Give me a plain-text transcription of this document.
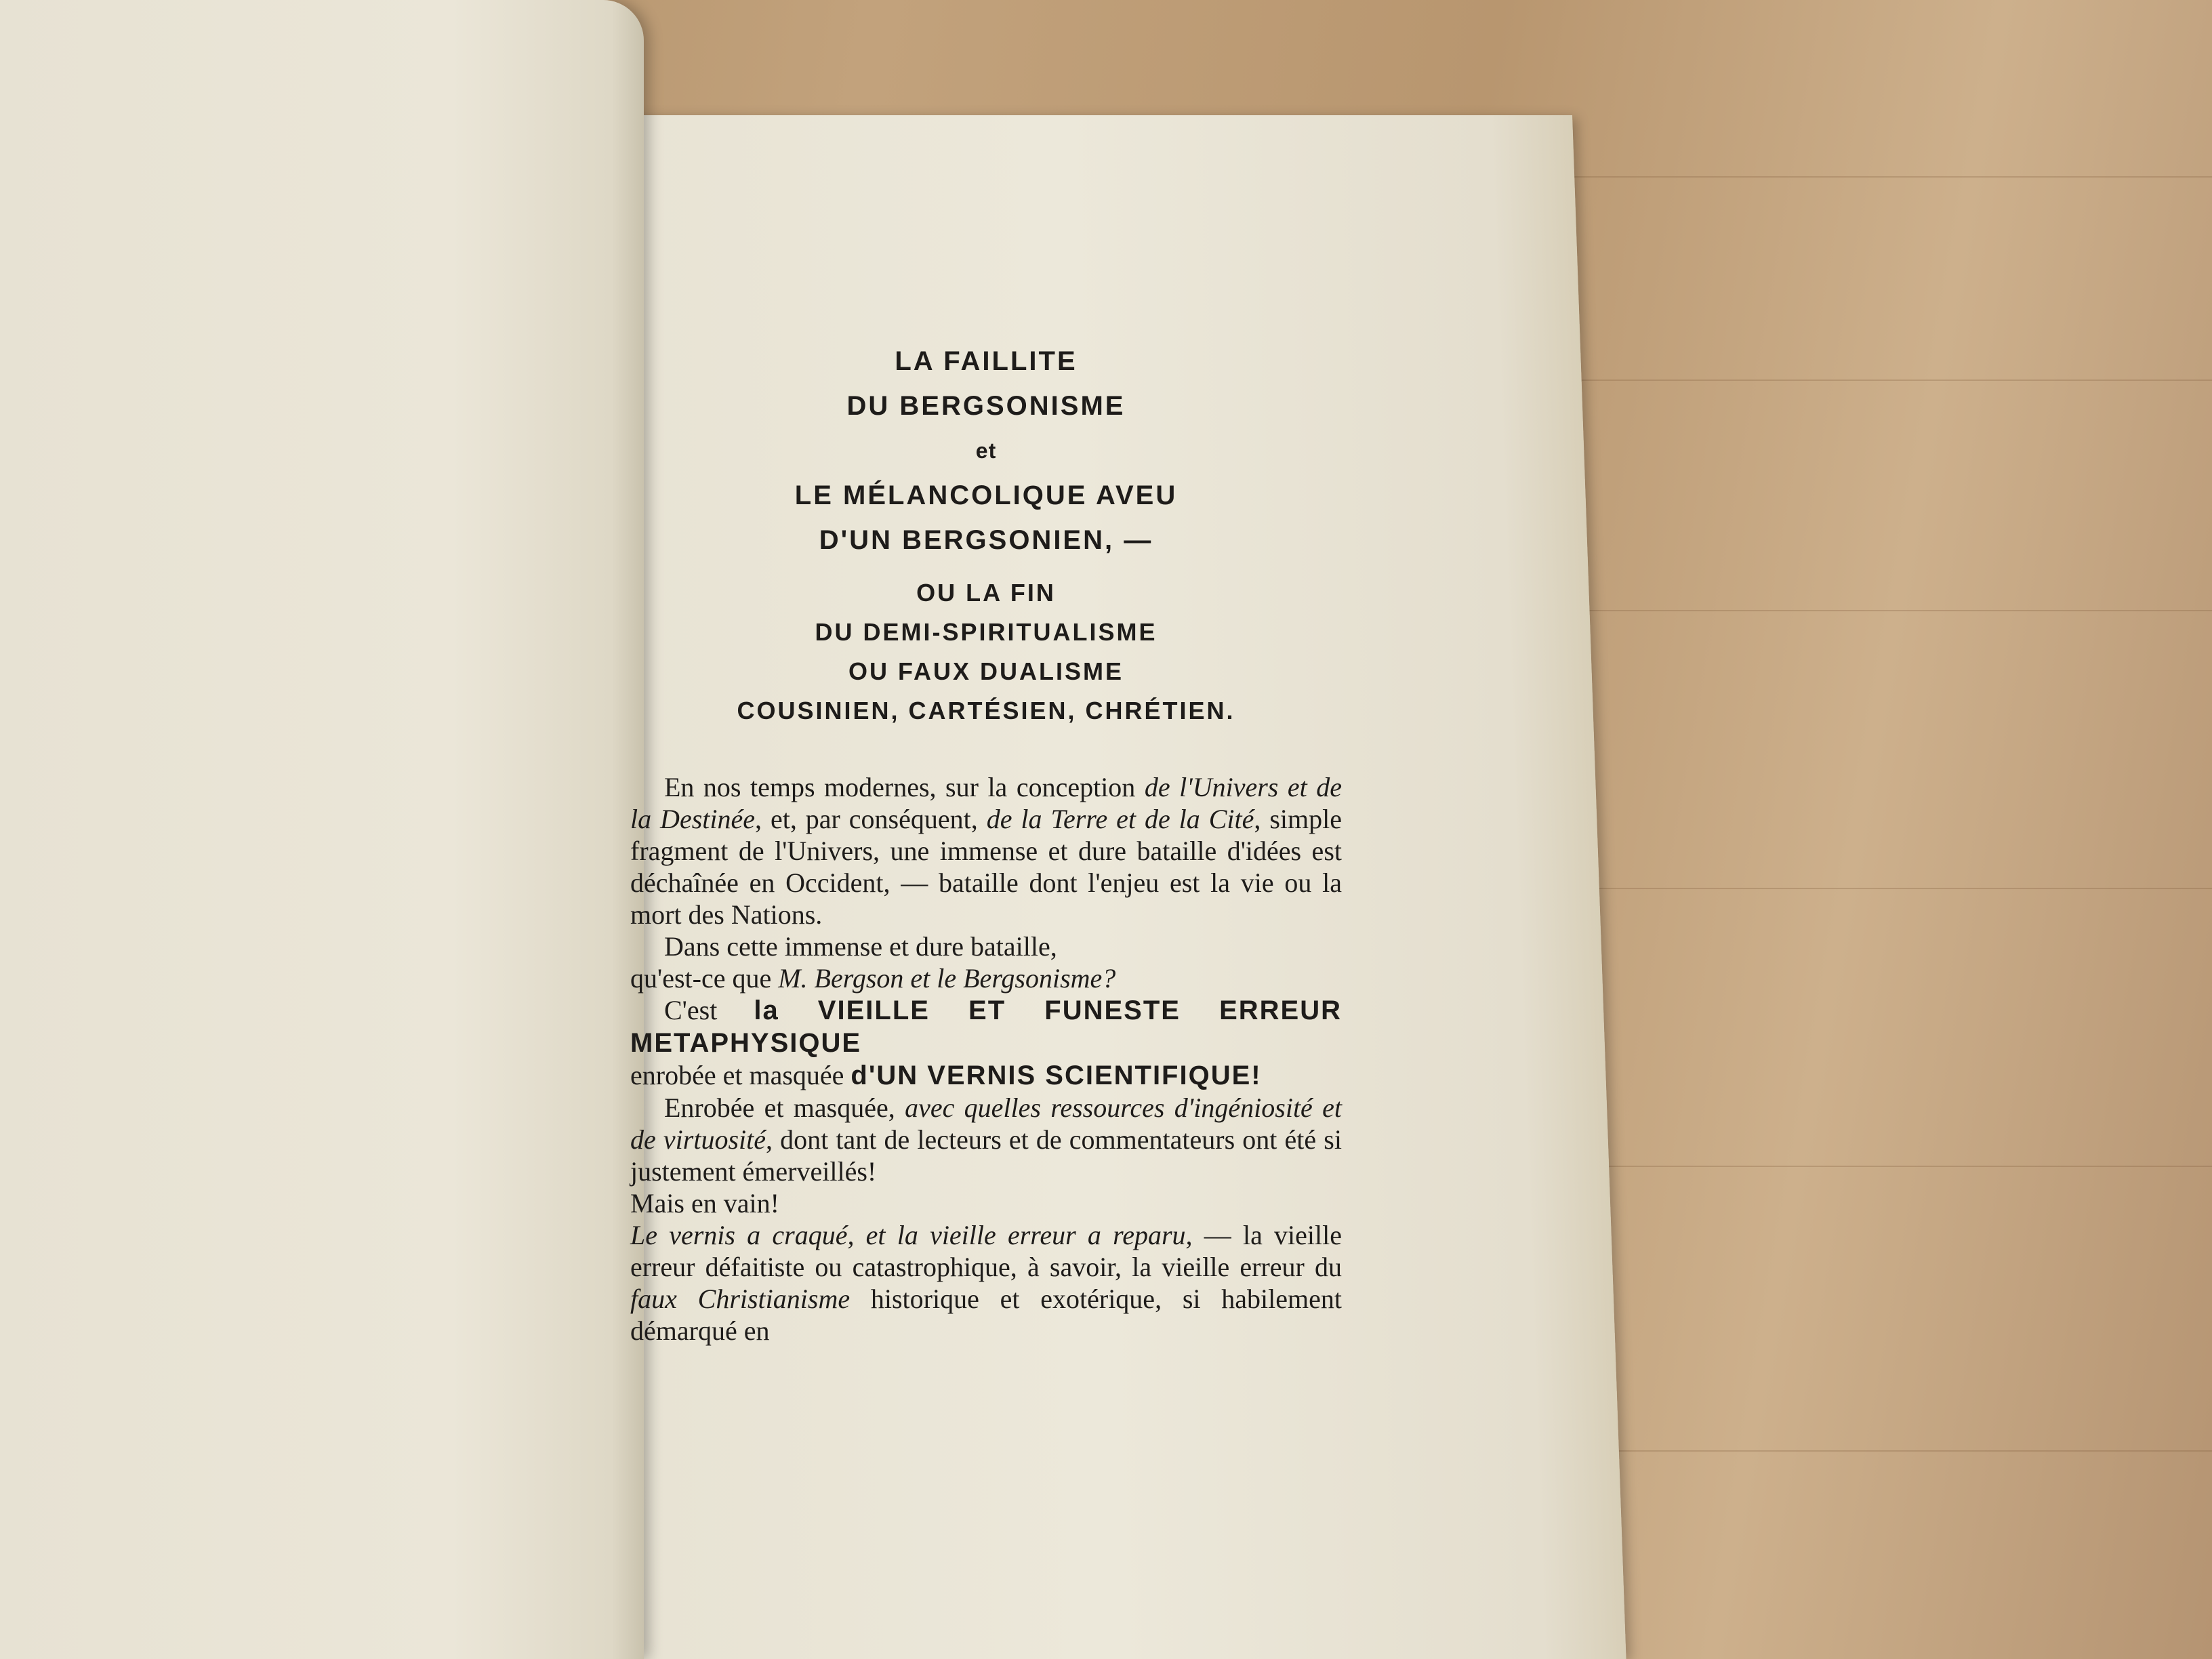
LA FAILLITE
DU BERGSONISME
et
LE MÉLANCOLIQUE AVEU
D'UN BERGSONIEN, —
OU LA FIN
DU DEMI-SPIRITUALISME
OU FAUX DUALISME
COUSINIEN, CARTÉSIEN, CHRÉTIEN.

En nos temps modernes, sur la conception de l'Univers et de la Destinée, et, par conséquent, de la Terre et de la Cité, simple fragment de l'Univers, une immense et dure bataille d'idées est déchaînée en Occident, — bataille dont l'enjeu est la vie ou la mort des Nations.

Dans cette immense et dure bataille,

qu'est-ce que M. Bergson et le Bergsonisme?

C'est la VIEILLE ET FUNESTE ERREUR METAPHYSIQUE

enrobée et masquée d'UN VERNIS SCIENTIFIQUE!

Enrobée et masquée, avec quelles ressources d'ingéniosité et de virtuosité, dont tant de lecteurs et de commentateurs ont été si justement émerveillés!

Mais en vain!

Le vernis a craqué, et la vieille erreur a reparu, — la vieille erreur défaitiste ou catastrophique, à savoir, la vieille erreur du faux Christianisme historique et exotérique, si habilement démarqué en
